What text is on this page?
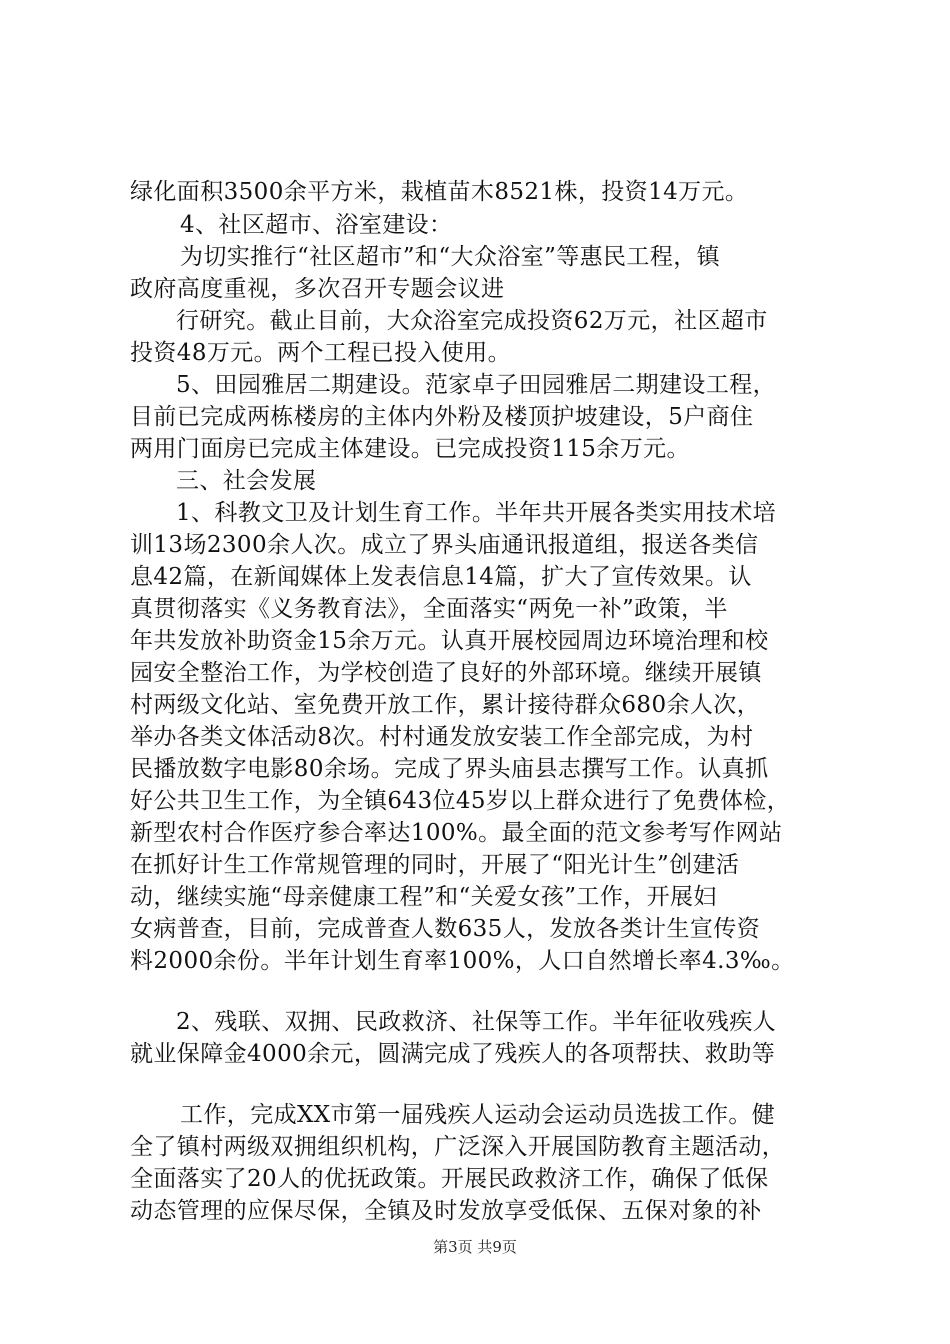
绿化面积3500余平方米，栽植苗木8521株，投资14万元。
4、社区超市、浴室建设：
为切实推行“社区超市”和“大众浴室”等惠民工程，镇
政府高度重视，多次召开专题会议进
行研究。截止目前，大众浴室完成投资62万元，社区超市
投资48万元。两个工程已投入使用。
5、田园雅居二期建设。范家卓子田园雅居二期建设工程，
目前已完成两栋楼房的主体内外粉及楼顶护坡建设，5户商住
两用门面房已完成主体建设。已完成投资115余万元。
三、社会发展
1、科教文卫及计划生育工作。半年共开展各类实用技术培
训13场2300余人次。成立了界头庙通讯报道组，报送各类信
息42篇，在新闻媒体上发表信息14篇，扩大了宣传效果。认
真贯彻落实《义务教育法》，全面落实“两免一补”政策，半
年共发放补助资金15余万元。认真开展校园周边环境治理和校
园安全整治工作，为学校创造了良好的外部环境。继续开展镇
村两级文化站、室免费开放工作，累计接待群众680余人次，
举办各类文体活动8次。村村通发放安装工作全部完成，为村
民播放数字电影80余场。完成了界头庙县志撰写工作。认真抓
好公共卫生工作，为全镇643位45岁以上群众进行了免费体检，
新型农村合作医疗参合率达100%。最全面的范文参考写作网站
在抓好计生工作常规管理的同时，开展了“阳光计生”创建活
动，继续实施“母亲健康工程”和“关爱女孩”工作，开展妇
女病普查，目前，完成普查人数635人，发放各类计生宣传资
料2000余份。半年计划生育率100%，人口自然增长率4.3‰。
2、残联、双拥、民政救济、社保等工作。半年征收残疾人
就业保障金4000余元，圆满完成了残疾人的各项帮扶、救助等
工作，完成XX市第一届残疾人运动会运动员选拔工作。健
全了镇村两级双拥组织机构，广泛深入开展国防教育主题活动，
全面落实了20人的优抚政策。开展民政救济工作，确保了低保
动态管理的应保尽保，全镇及时发放享受低保、五保对象的补
第3页 共9页
